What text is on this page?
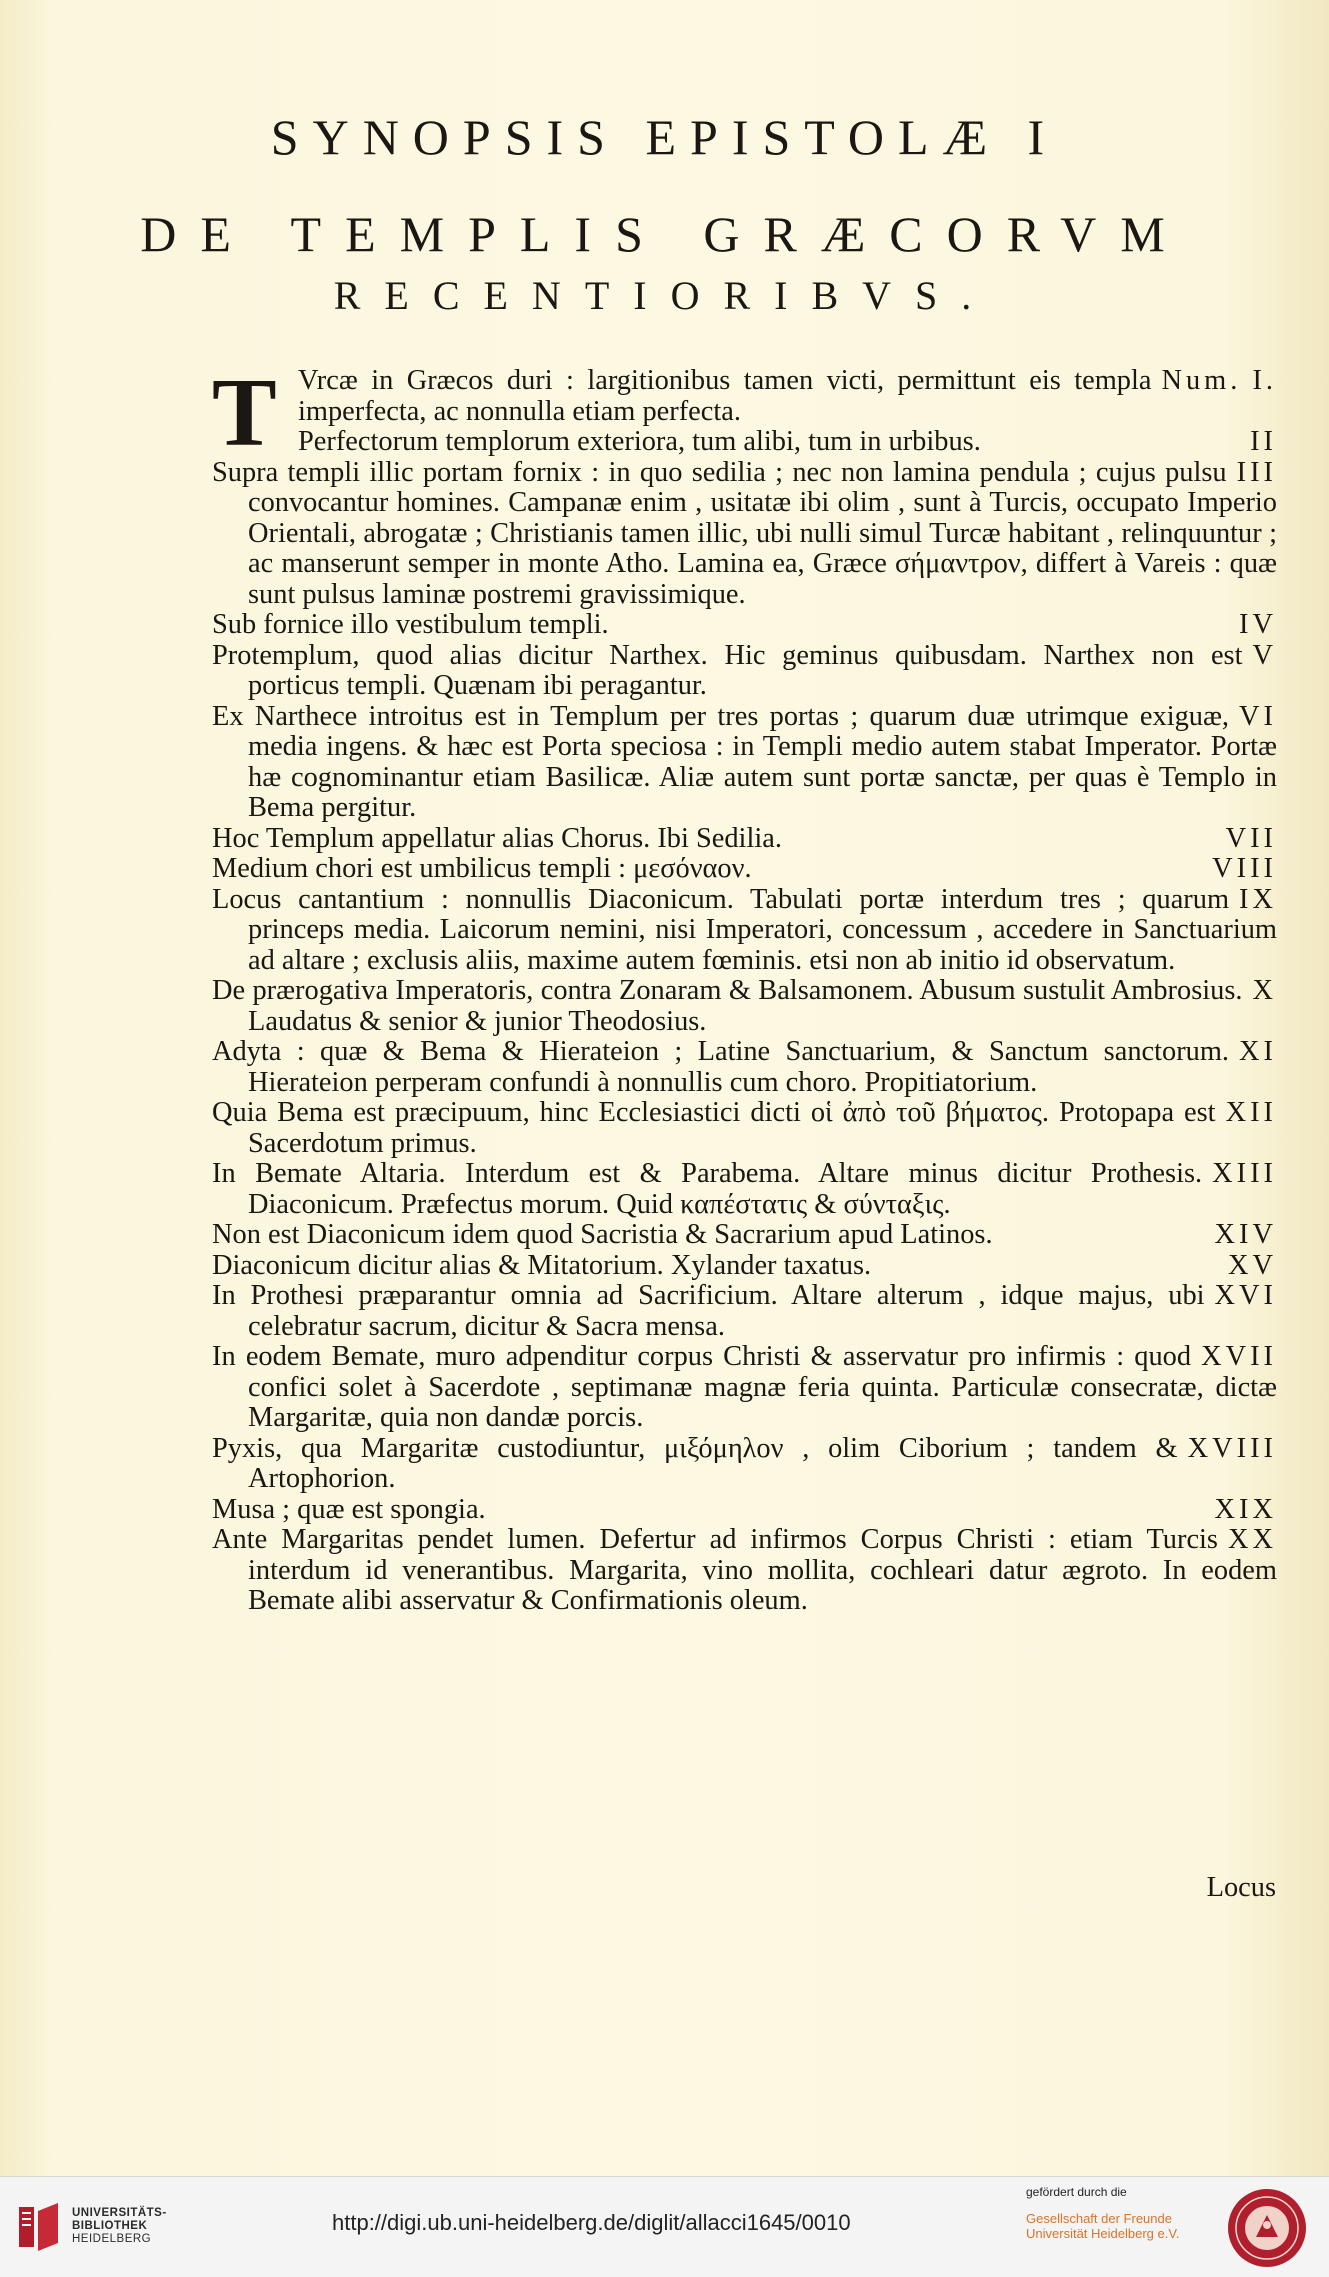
SYNOPSIS EPISTOLÆ I
DE TEMPLIS GRÆCORVM
RECENTIORIBVS.
T	Num. I.
Vrcæ in Græcos duri : largitionibus tamen victi, permittunt eis templa imperfecta, ac nonnulla etiam perfecta.
II
Perfectorum templorum exteriora, tum alibi, tum in urbibus.
III
Supra templi illic portam fornix : in quo sedilia ; nec non lamina pendula ; cujus pulsu convocantur homines. Campanæ enim , usitatæ ibi olim , sunt à Turcis, occupato Imperio Orientali, abrogatæ ; Christianis tamen illic, ubi nulli simul Turcæ habitant , relinquuntur ; ac manserunt semper in monte Atho. Lamina ea, Græce σήμαντρον, differt à Vareis : quæ sunt pulsus laminæ postremi gravissimique.
IV
Sub fornice illo vestibulum templi.
V
Protemplum, quod alias dicitur Narthex. Hic geminus quibusdam. Narthex non est porticus templi. Quænam ibi peragantur.
VI
Ex Narthece introitus est in Templum per tres portas ; quarum duæ utrimque exiguæ, media ingens. & hæc est Porta speciosa : in Templi medio autem stabat Imperator. Portæ hæ cognominantur etiam Basilicæ. Aliæ autem sunt portæ sanctæ, per quas è Templo in Bema pergitur.
VII
Hoc Templum appellatur alias Chorus. Ibi Sedilia.
VIII
Medium chori est umbilicus templi : μεσόναον.
IX
Locus cantantium : nonnullis Diaconicum. Tabulati portæ interdum tres ; quarum princeps media. Laicorum nemini, nisi Imperatori, concessum , accedere in Sanctuarium ad altare ; exclusis aliis, maxime autem fœminis. etsi non ab initio id observatum.
X
De prærogativa Imperatoris, contra Zonaram & Balsamonem. Abusum sustulit Ambrosius. Laudatus & senior & junior Theodosius.
XI
Adyta : quæ & Bema & Hierateion ; Latine Sanctuarium, & Sanctum sanctorum. Hierateion perperam confundi à nonnullis cum choro. Propitiatorium.
XII
Quia Bema est præcipuum, hinc Ecclesiastici dicti οἱ ἀπὸ τοῦ βήματος. Protopapa est Sacerdotum primus.
XIII
In Bemate Altaria. Interdum est & Parabema. Altare minus dicitur Prothesis. Diaconicum. Præfectus morum. Quid καπέστατις & σύνταξις.
XIV
Non est Diaconicum idem quod Sacristia & Sacrarium apud Latinos.
XV
Diaconicum dicitur alias & Mitatorium. Xylander taxatus.
XVI
In Prothesi præparantur omnia ad Sacrificium. Altare alterum , idque majus, ubi celebratur sacrum, dicitur & Sacra mensa.
XVII
In eodem Bemate, muro adpenditur corpus Christi & asservatur pro infirmis : quod confici solet à Sacerdote , septimanæ magnæ feria quinta. Particulæ consecratæ, dictæ Margaritæ, quia non dandæ porcis.
XVIII
Pyxis, qua Margaritæ custodiuntur, μιξόμηλον , olim Ciborium ; tandem & Artophorion.
XIX
Musa ; quæ est spongia.
XX
Ante Margaritas pendet lumen. Defertur ad infirmos Corpus Christi : etiam Turcis interdum id venerantibus. Margarita, vino mollita, cochleari datur ægroto. In eodem Bemate alibi asservatur & Confirmationis oleum.
Locus
UNIVERSITÄTS-
BIBLIOTHEK
HEIDELBERG
http://digi.ub.uni-heidelberg.de/diglit/allacci1645/0010
gefördert durch die
Gesellschaft der Freunde
Universität Heidelberg e.V.
